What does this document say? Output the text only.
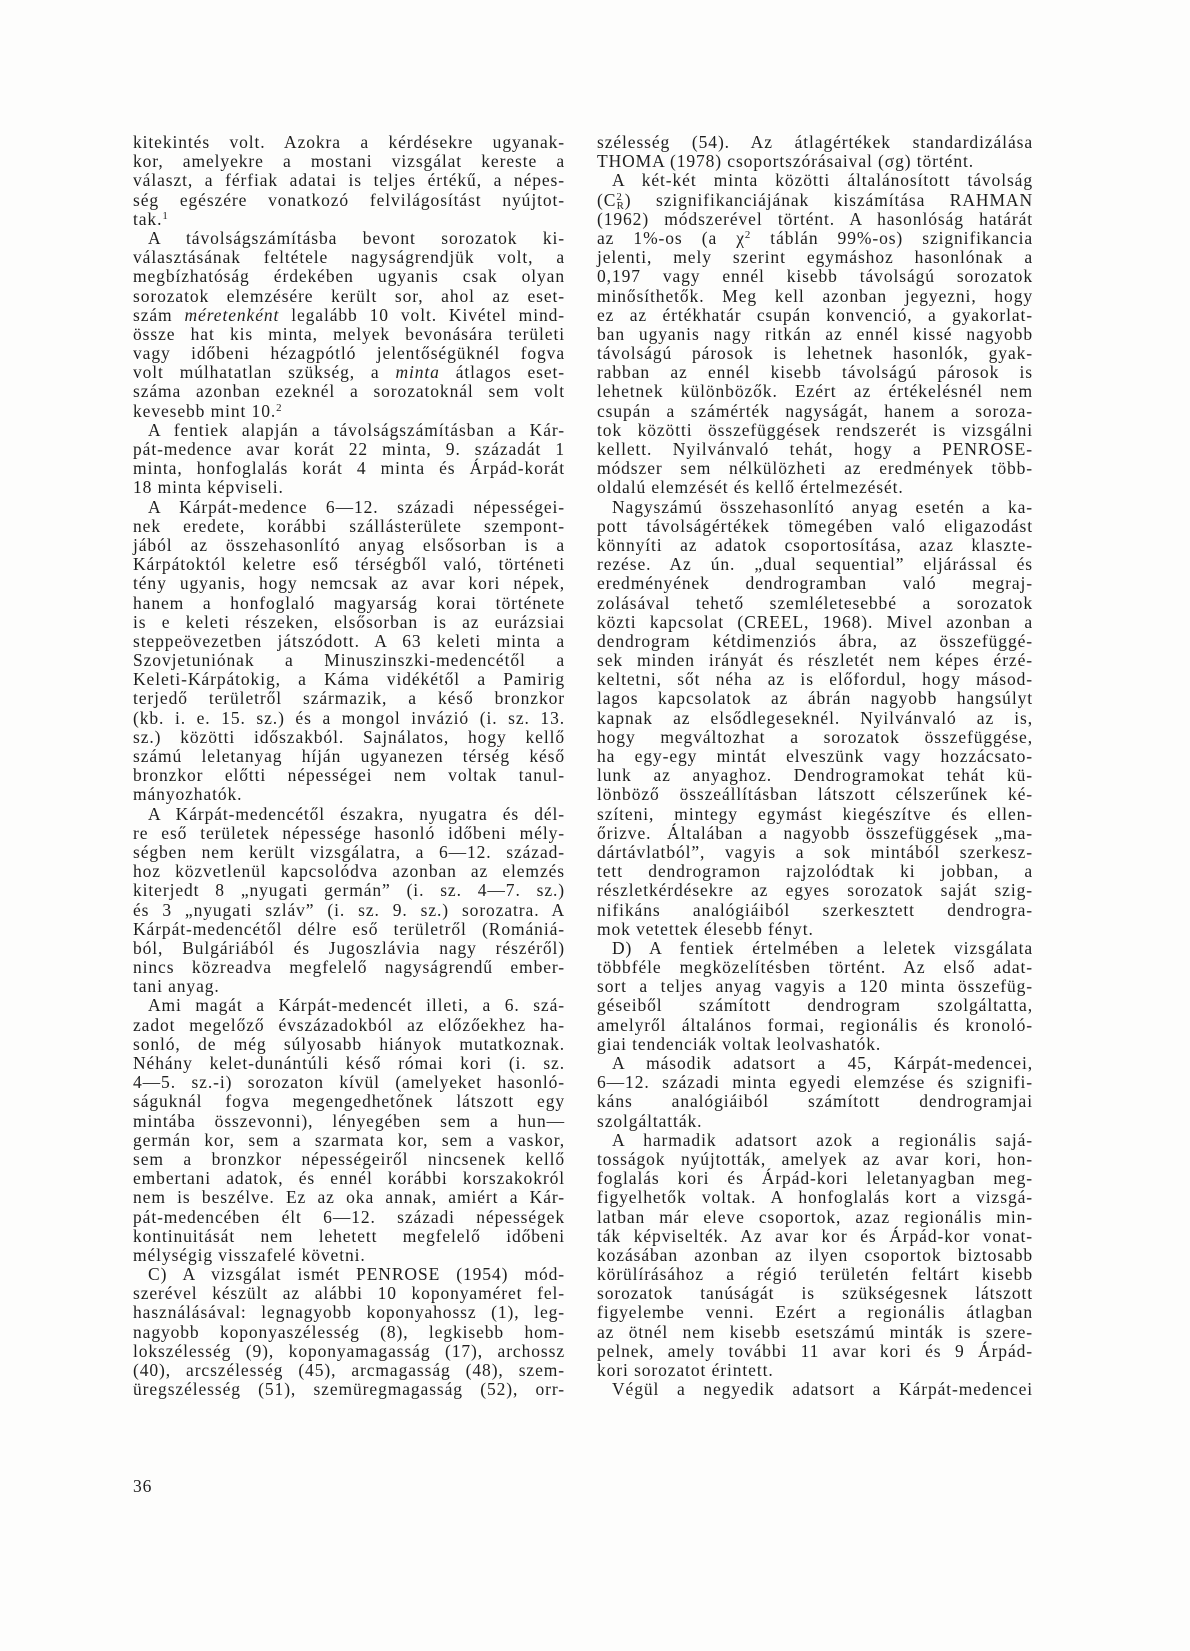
kitekintés volt. Azokra a kérdésekre ugyanak-
kor, amelyekre a mostani vizsgálat kereste a
választ, a férfiak adatai is teljes értékű, a népes-
ség egészére vonatkozó felvilágosítást nyújtot-
tak.$^1$
A távolságszámításba bevont sorozatok ki-
választásának feltétele nagyságrendjük volt, a
megbízhatóság érdekében ugyanis csak olyan
sorozatok elemzésére került sor, ahol az eset-
szám méretenként legalább 10 volt. Kivétel mind-
össze hat kis minta, melyek bevonására területi
vagy időbeni hézagpótló jelentőségüknél fogva
volt múlhatatlan szükség, a minta átlagos eset-
száma azonban ezeknél a sorozatoknál sem volt
kevesebb mint 10.$^2$
A fentiek alapján a távolságszámításban a Kár-
pát-medence avar korát 22 minta, 9. századát 1
minta, honfoglalás korát 4 minta és Árpád-korát
18 minta képviseli.
A Kárpát-medence 6—12. századi népességei-
nek eredete, korábbi szállásterülete szempont-
jából az összehasonlító anyag elsősorban is a
Kárpátoktól keletre eső térségből való, történeti
tény ugyanis, hogy nemcsak az avar kori népek,
hanem a honfoglaló magyarság korai története
is e keleti részeken, elsősorban is az eurázsiai
steppeövezetben játszódott. A 63 keleti minta a
Szovjetuniónak a Minuszinszki-medencétől a
Keleti-Kárpátokig, a Káma vidékétől a Pamirig
terjedő területről származik, a késő bronzkor
(kb. i. e. 15. sz.) és a mongol invázió (i. sz. 13.
sz.) közötti időszakból. Sajnálatos, hogy kellő
számú leletanyag híján ugyanezen térség késő
bronzkor előtti népességei nem voltak tanul-
mányozhatók.
A Kárpát-medencétől északra, nyugatra és dél-
re eső területek népessége hasonló időbeni mély-
ségben nem került vizsgálatra, a 6—12. század-
hoz közvetlenül kapcsolódva azonban az elemzés
kiterjedt 8 „nyugati germán” (i. sz. 4—7. sz.)
és 3 „nyugati szláv” (i. sz. 9. sz.) sorozatra. A
Kárpát-medencétől délre eső területről (Romániá-
ból, Bulgáriából és Jugoszlávia nagy részéről)
nincs közreadva megfelelő nagyságrendű ember-
tani anyag.
Ami magát a Kárpát-medencét illeti, a 6. szá-
zadot megelőző évszázadokból az előzőekhez ha-
sonló, de még súlyosabb hiányok mutatkoznak.
Néhány kelet-dunántúli késő római kori (i. sz.
4—5. sz.-i) sorozaton kívül (amelyeket hasonló-
ságuknál fogva megengedhetőnek látszott egy
mintába összevonni), lényegében sem a hun—
germán kor, sem a szarmata kor, sem a vaskor,
sem a bronzkor népességeiről nincsenek kellő
embertani adatok, és ennél korábbi korszakokról
nem is beszélve. Ez az oka annak, amiért a Kár-
pát-medencében élt 6—12. századi népességek
kontinuitását nem lehetett megfelelő időbeni
mélységig visszafelé követni.
C) A vizsgálat ismét PENROSE (1954) mód-
szerével készült az alábbi 10 koponyaméret fel-
használásával: legnagyobb koponyahossz (1), leg-
nagyobb koponyaszélesség (8), legkisebb hom-
lokszélesség (9), koponyamagasság (17), archossz
(40), arcszélesség (45), arcmagasság (48), szem-
üregszélesség (51), szemüregmagasság (52), orr-
szélesség (54). Az átlagértékek standardizálása
THOMA (1978) csoportszórásaival (σg) történt.
A két-két minta közötti általánosított távolság
$(C^2_R)$ szignifikanciájának kiszámítása RAHMAN
(1962) módszerével történt. A hasonlóság határát
az 1%-os (a $\chi^2$ táblán 99%-os) szignifikancia
jelenti, mely szerint egymáshoz hasonlónak a
0,197 vagy ennél kisebb távolságú sorozatok
minősíthetők. Meg kell azonban jegyezni, hogy
ez az értékhatár csupán konvenció, a gyakorlat-
ban ugyanis nagy ritkán az ennél kissé nagyobb
távolságú párosok is lehetnek hasonlók, gyak-
rabban az ennél kisebb távolságú párosok is
lehetnek különbözők. Ezért az értékelésnél nem
csupán a számérték nagyságát, hanem a soroza-
tok közötti összefüggések rendszerét is vizsgálni
kellett. Nyilvánvaló tehát, hogy a PENROSE-
módszer sem nélkülözheti az eredmények több-
oldalú elemzését és kellő értelmezését.
Nagyszámú összehasonlító anyag esetén a ka-
pott távolságértékek tömegében való eligazodást
könnyíti az adatok csoportosítása, azaz klaszte-
rezése. Az ún. „dual sequential” eljárással és
eredményének dendrogramban való megraj-
zolásával tehető szemléletesebbé a sorozatok
közti kapcsolat (CREEL, 1968). Mivel azonban a
dendrogram kétdimenziós ábra, az összefüggé-
sek minden irányát és részletét nem képes érzé-
keltetni, sőt néha az is előfordul, hogy másod-
lagos kapcsolatok az ábrán nagyobb hangsúlyt
kapnak az elsődlegeseknél. Nyilvánvaló az is,
hogy megváltozhat a sorozatok összefüggése,
ha egy-egy mintát elveszünk vagy hozzácsato-
lunk az anyaghoz. Dendrogramokat tehát kü-
lönböző összeállításban látszott célszerűnek ké-
szíteni, mintegy egymást kiegészítve és ellen-
őrizve. Általában a nagyobb összefüggések „ma-
dártávlatból”, vagyis a sok mintából szerkesz-
tett dendrogramon rajzolódtak ki jobban, a
részletkérdésekre az egyes sorozatok saját szig-
nifikáns analógiáiból szerkesztett dendrogra-
mok vetettek élesebb fényt.
D) A fentiek értelmében a leletek vizsgálata
többféle megközelítésben történt. Az első adat-
sort a teljes anyag vagyis a 120 minta összefüg-
géseiből számított dendrogram szolgáltatta,
amelyről általános formai, regionális és kronoló-
giai tendenciák voltak leolvashatók.
A második adatsort a 45, Kárpát-medencei,
6—12. századi minta egyedi elemzése és szignifi-
káns analógiáiból számított dendrogramjai
szolgáltatták.
A harmadik adatsort azok a regionális sajá-
tosságok nyújtották, amelyek az avar kori, hon-
foglalás kori és Árpád-kori leletanyagban meg-
figyelhetők voltak. A honfoglalás kort a vizsgá-
latban már eleve csoportok, azaz regionális min-
ták képviselték. Az avar kor és Árpád-kor vonat-
kozásában azonban az ilyen csoportok biztosabb
körülírásához a régió területén feltárt kisebb
sorozatok tanúságát is szükségesnek látszott
figyelembe venni. Ezért a regionális átlagban
az ötnél nem kisebb esetszámú minták is szere-
pelnek, amely további 11 avar kori és 9 Árpád-
kori sorozatot érintett.
Végül a negyedik adatsort a Kárpát-medencei
36
